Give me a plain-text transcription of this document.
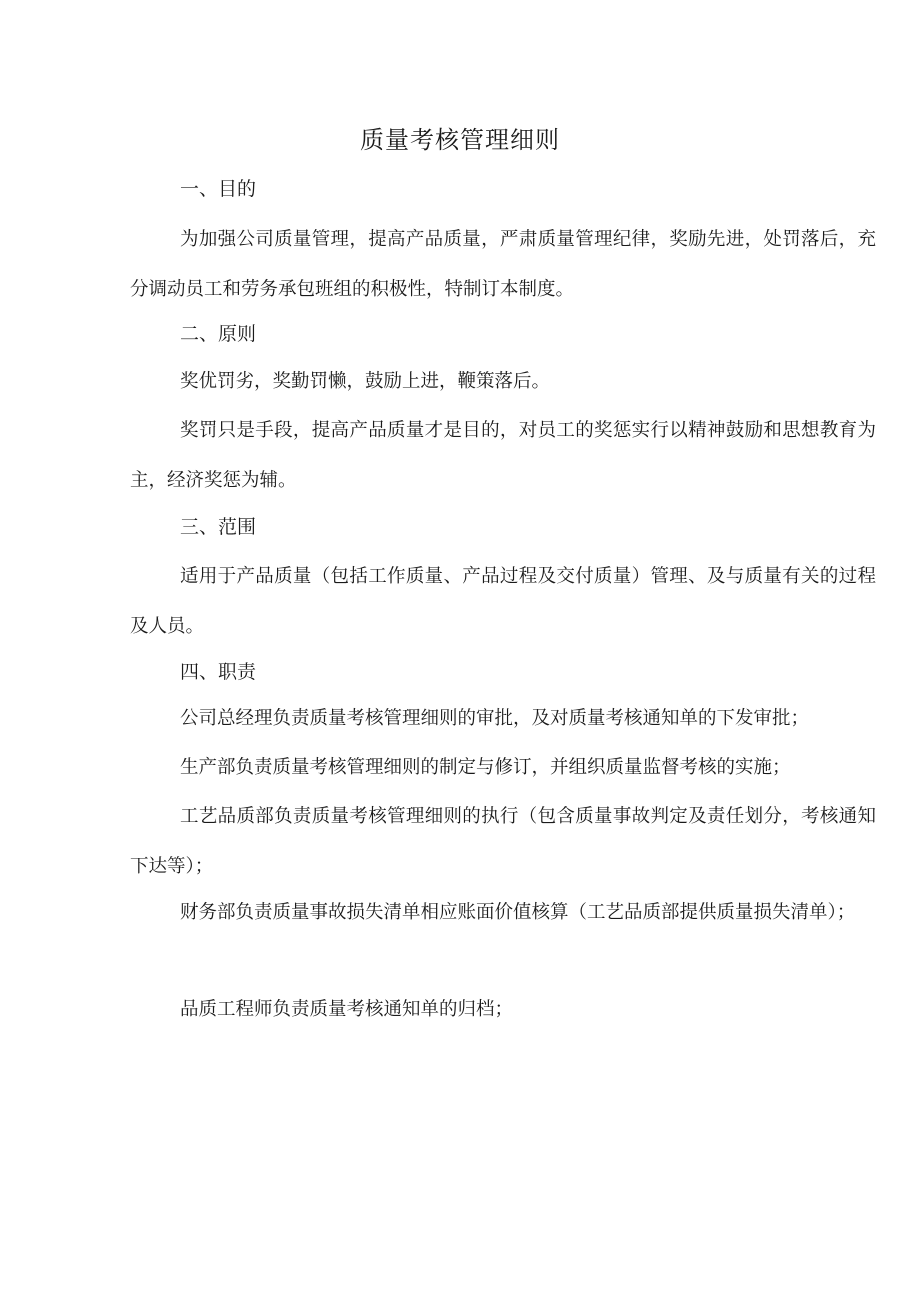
质量考核管理细则
一、目的

为加强公司质量管理，提高产品质量，严肃质量管理纪律，奖励先进，处罚落后，充分调动员工和劳务承包班组的积极性，特制订本制度。

二、原则

奖优罚劣，奖勤罚懒，鼓励上进，鞭策落后。

奖罚只是手段，提高产品质量才是目的，对员工的奖惩实行以精神鼓励和思想教育为主，经济奖惩为辅。

三、范围

适用于产品质量（包括工作质量、产品过程及交付质量）管理、及与质量有关的过程及人员。

四、职责

公司总经理负责质量考核管理细则的审批，及对质量考核通知单的下发审批；

生产部负责质量考核管理细则的制定与修订，并组织质量监督考核的实施；

工艺品质部负责质量考核管理细则的执行（包含质量事故判定及责任划分，考核通知下达等）；

财务部负责质量事故损失清单相应账面价值核算（工艺品质部提供质量损失清单）；

品质工程师负责质量考核通知单的归档；
